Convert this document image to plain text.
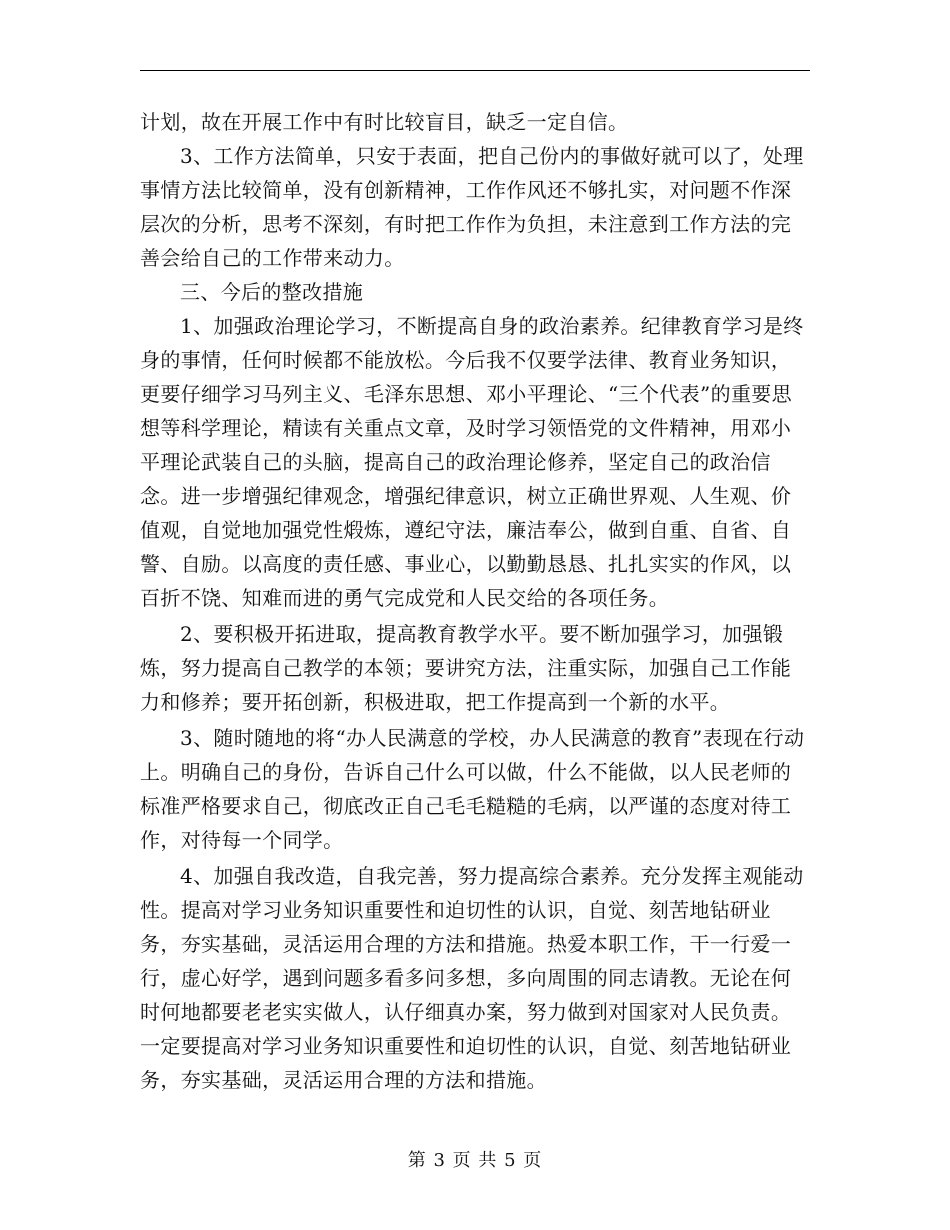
计划，故在开展工作中有时比较盲目，缺乏一定自信。

3、工作方法简单，只安于表面，把自己份内的事做好就可以了，处理事情方法比较简单，没有创新精神，工作作风还不够扎实，对问题不作深层次的分析，思考不深刻，有时把工作作为负担，未注意到工作方法的完善会给自己的工作带来动力。

三、今后的整改措施

1、加强政治理论学习，不断提高自身的政治素养。纪律教育学习是终身的事情，任何时候都不能放松。今后我不仅要学法律、教育业务知识，更要仔细学习马列主义、毛泽东思想、邓小平理论、“三个代表”的重要思想等科学理论，精读有关重点文章，及时学习领悟党的文件精神，用邓小平理论武装自己的头脑，提高自己的政治理论修养，坚定自己的政治信念。进一步增强纪律观念，增强纪律意识，树立正确世界观、人生观、价值观，自觉地加强党性煅炼，遵纪守法，廉洁奉公，做到自重、自省、自警、自励。以高度的责任感、事业心，以勤勤恳恳、扎扎实实的作风，以百折不饶、知难而进的勇气完成党和人民交给的各项任务。

2、要积极开拓进取，提高教育教学水平。要不断加强学习，加强锻炼，努力提高自己教学的本领；要讲究方法，注重实际，加强自己工作能力和修养；要开拓创新，积极进取，把工作提高到一个新的水平。

3、随时随地的将“办人民满意的学校，办人民满意的教育”表现在行动上。明确自己的身份，告诉自己什么可以做，什么不能做，以人民老师的标准严格要求自己，彻底改正自己毛毛糙糙的毛病，以严谨的态度对待工作，对待每一个同学。

4、加强自我改造，自我完善，努力提高综合素养。充分发挥主观能动性。提高对学习业务知识重要性和迫切性的认识，自觉、刻苦地钻研业务，夯实基础，灵活运用合理的方法和措施。热爱本职工作，干一行爱一行，虚心好学，遇到问题多看多问多想，多向周围的同志请教。无论在何时何地都要老老实实做人，认仔细真办案，努力做到对国家对人民负责。一定要提高对学习业务知识重要性和迫切性的认识，自觉、刻苦地钻研业务，夯实基础，灵活运用合理的方法和措施。

第 3 页 共 5 页
